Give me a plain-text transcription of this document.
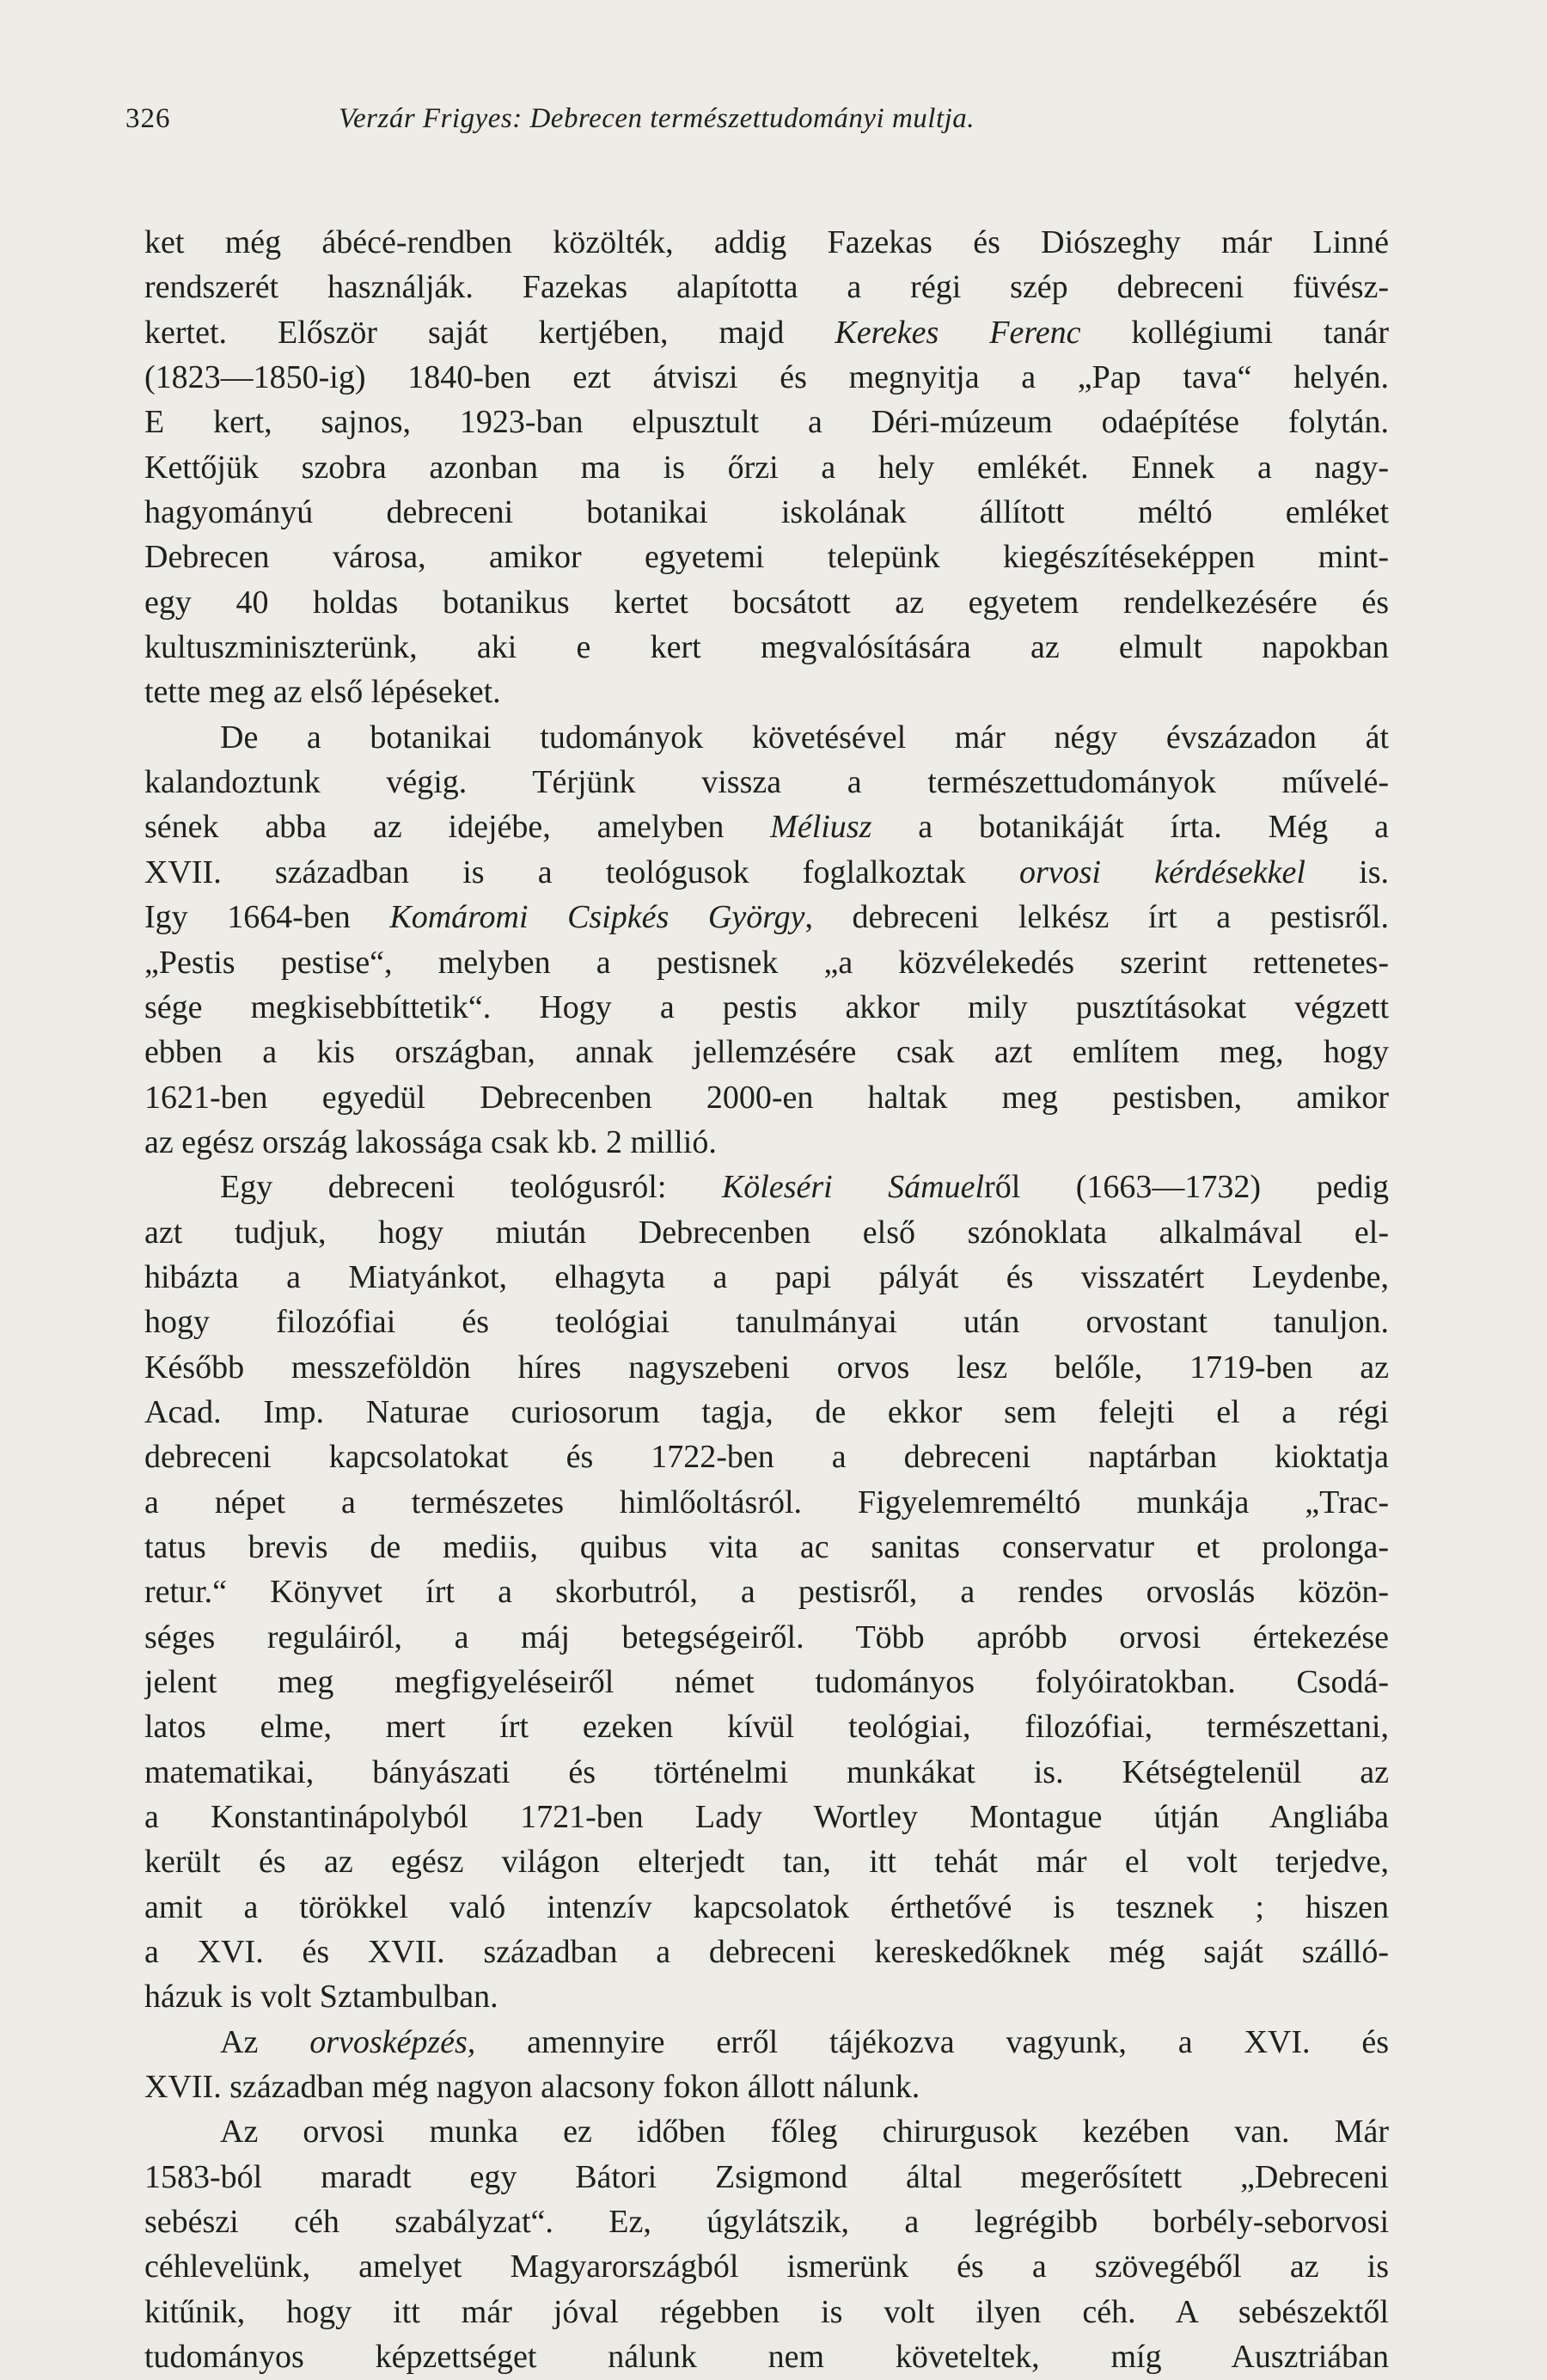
326	Verzár Frigyes: Debrecen természettudományi multja.
ket még ábécé-rendben közölték, addig Fazekas és Diószeghy már Linné
rendszerét használják. Fazekas alapította a régi szép debreceni füvész-
kertet. Először saját kertjében, majd Kerekes Ferenc kollégiumi tanár
(1823—1850-ig) 1840-ben ezt átviszi és megnyitja a „Pap tava“ helyén.
E kert, sajnos, 1923-ban elpusztult a Déri-múzeum odaépítése folytán.
Kettőjük szobra azonban ma is őrzi a hely emlékét. Ennek a nagy-
hagyományú debreceni botanikai iskolának állított méltó emléket
Debrecen városa, amikor egyetemi telepünk kiegészítéseképpen mint-
egy 40 holdas botanikus kertet bocsátott az egyetem rendelkezésére és
kultuszminiszterünk, aki e kert megvalósítására az elmult napokban
tette meg az első lépéseket.
De a botanikai tudományok követésével már négy évszázadon át
kalandoztunk végig. Térjünk vissza a természettudományok művelé-
sének abba az idejébe, amelyben Méliusz a botanikáját írta. Még a
XVII. században is a teológusok foglalkoztak orvosi kérdésekkel is.
Igy 1664-ben Komáromi Csipkés György, debreceni lelkész írt a pestisről.
„Pestis pestise“, melyben a pestisnek „a közvélekedés szerint rettenetes-
sége megkisebbíttetik“. Hogy a pestis akkor mily pusztításokat végzett
ebben a kis országban, annak jellemzésére csak azt említem meg, hogy
1621-ben egyedül Debrecenben 2000-en haltak meg pestisben, amikor
az egész ország lakossága csak kb. 2 millió.
Egy debreceni teológusról: Köleséri Sámuelről (1663—1732) pedig
azt tudjuk, hogy miután Debrecenben első szónoklata alkalmával el-
hibázta a Miatyánkot, elhagyta a papi pályát és visszatért Leydenbe,
hogy filozófiai és teológiai tanulmányai után orvostant tanuljon.
Később messzeföldön híres nagyszebeni orvos lesz belőle, 1719-ben az
Acad. Imp. Naturae curiosorum tagja, de ekkor sem felejti el a régi
debreceni kapcsolatokat és 1722-ben a debreceni naptárban kioktatja
a népet a természetes himlőoltásról. Figyelemreméltó munkája „Trac-
tatus brevis de mediis, quibus vita ac sanitas conservatur et prolonga-
retur.“ Könyvet írt a skorbutról, a pestisről, a rendes orvoslás közön-
séges reguláiról, a máj betegségeiről. Több apróbb orvosi értekezése
jelent meg megfigyeléseiről német tudományos folyóiratokban. Csodá-
latos elme, mert írt ezeken kívül teológiai, filozófiai, természettani,
matematikai, bányászati és történelmi munkákat is. Kétségtelenül az
a Konstantinápolyból 1721-ben Lady Wortley Montague útján Angliába
került és az egész világon elterjedt tan, itt tehát már el volt terjedve,
amit a törökkel való intenzív kapcsolatok érthetővé is tesznek ; hiszen
a XVI. és XVII. században a debreceni kereskedőknek még saját szálló-
házuk is volt Sztambulban.
Az orvosképzés, amennyire erről tájékozva vagyunk, a XVI. és
XVII. században még nagyon alacsony fokon állott nálunk.
Az orvosi munka ez időben főleg chirurgusok kezében van. Már
1583-ból maradt egy Bátori Zsigmond által megerősített „Debreceni
sebészi céh szabályzat“. Ez, úgylátszik, a legrégibb borbély-seborvosi
céhlevelünk, amelyet Magyarországból ismerünk és a szövegéből az is
kitűnik, hogy itt már jóval régebben is volt ilyen céh. A sebészektől
tudományos képzettséget nálunk nem követeltek, míg Ausztriában
